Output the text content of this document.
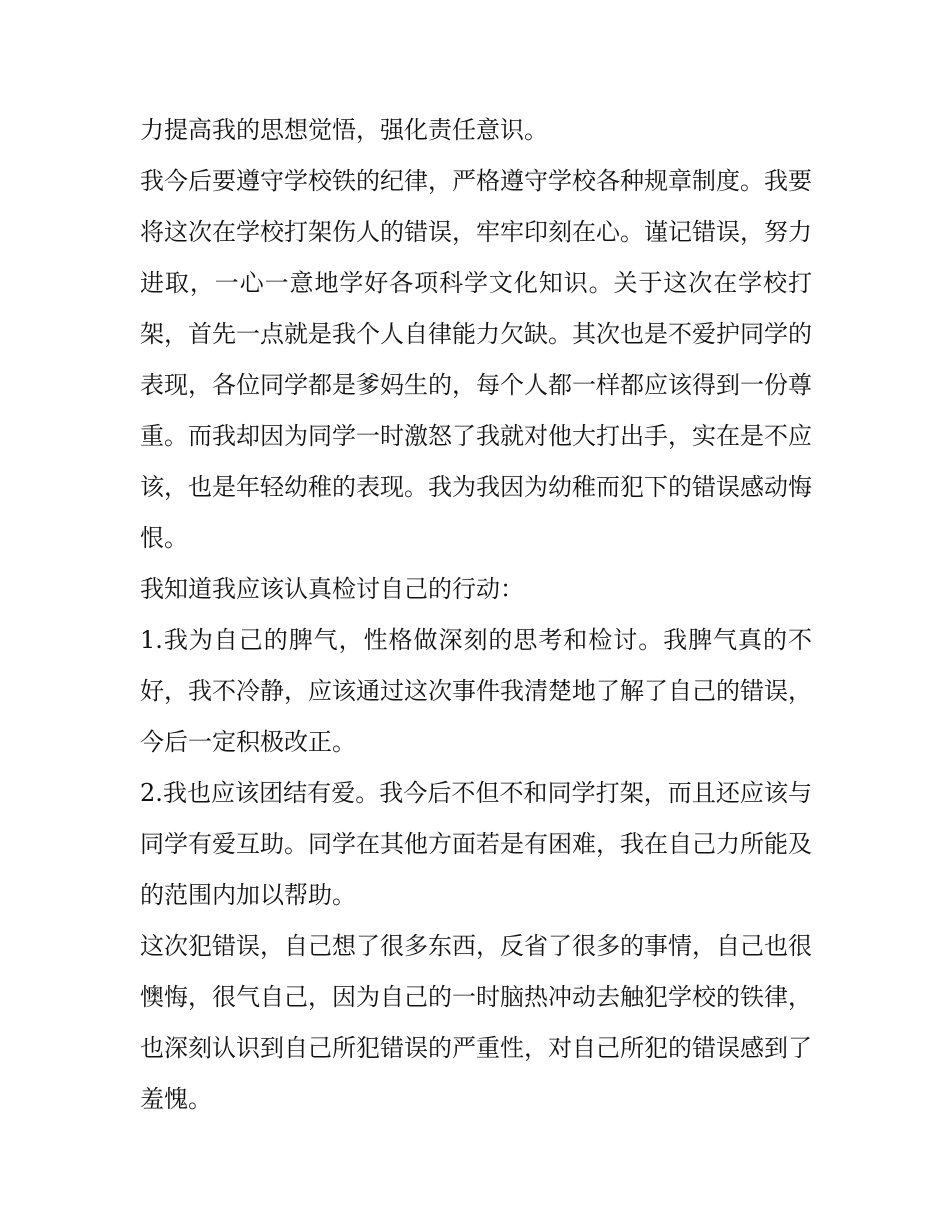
力提高我的思想觉悟，强化责任意识。

我今后要遵守学校铁的纪律，严格遵守学校各种规章制度。我要将这次在学校打架伤人的错误，牢牢印刻在心。谨记错误，努力进取，一心一意地学好各项科学文化知识。关于这次在学校打架，首先一点就是我个人自律能力欠缺。其次也是不爱护同学的表现，各位同学都是爹妈生的，每个人都一样都应该得到一份尊重。而我却因为同学一时激怒了我就对他大打出手，实在是不应该，也是年轻幼稚的表现。我为我因为幼稚而犯下的错误感动悔恨。

我知道我应该认真检讨自己的行动：

1.我为自己的脾气，性格做深刻的思考和检讨。我脾气真的不好，我不冷静，应该通过这次事件我清楚地了解了自己的错误，今后一定积极改正。

2.我也应该团结有爱。我今后不但不和同学打架，而且还应该与同学有爱互助。同学在其他方面若是有困难，我在自己力所能及的范围内加以帮助。

这次犯错误，自己想了很多东西，反省了很多的事情，自己也很懊悔，很气自己，因为自己的一时脑热冲动去触犯学校的铁律，也深刻认识到自己所犯错误的严重性，对自己所犯的错误感到了羞愧。
